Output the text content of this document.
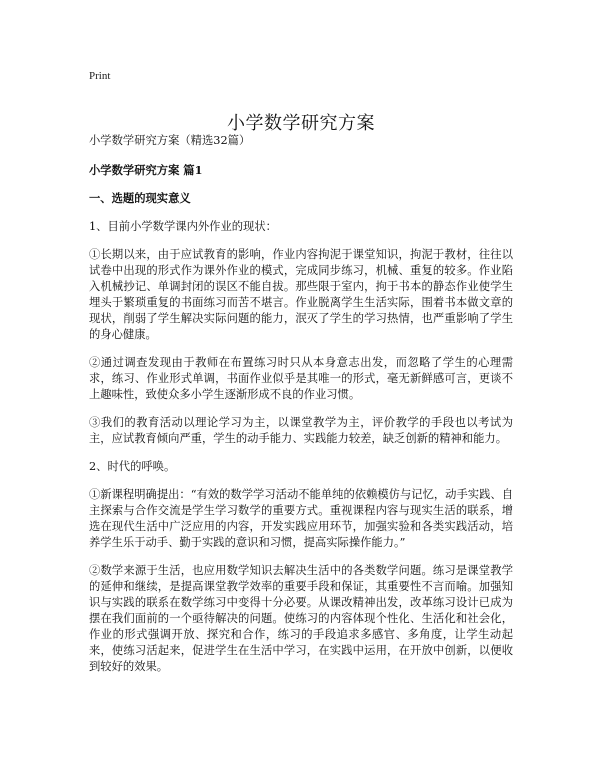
Print
小学数学研究方案

小学数学研究方案（精选32篇）

小学数学研究方案 篇1

一、选题的现实意义

1、目前小学数学课内外作业的现状：

①长期以来，由于应试教育的影响，作业内容拘泥于课堂知识，拘泥于教材，往往以试卷中出现的形式作为课外作业的模式，完成同步练习，机械、重复的较多。作业陷入机械抄记、单调封闭的误区不能自拔。那些限于室内，拘于书本的静态作业使学生埋头于繁琐重复的书面练习而苦不堪言。作业脱离学生生活实际，围着书本做文章的现状，削弱了学生解决实际问题的能力，泯灭了学生的学习热情，也严重影响了学生的身心健康。

②通过调查发现由于教师在布置练习时只从本身意志出发，而忽略了学生的心理需求，练习、作业形式单调，书面作业似乎是其唯一的形式，毫无新鲜感可言，更谈不上趣味性，致使众多小学生逐渐形成不良的作业习惯。

③我们的教育活动以理论学习为主，以课堂教学为主，评价教学的手段也以考试为主，应试教育倾向严重，学生的动手能力、实践能力较差，缺乏创新的精神和能力。

2、时代的呼唤。

①新课程明确提出：“有效的数学学习活动不能单纯的依赖模仿与记忆，动手实践、自主探索与合作交流是学生学习数学的重要方式。重视课程内容与现实生活的联系，增选在现代生活中广泛应用的内容，开发实践应用环节，加强实验和各类实践活动，培养学生乐于动手、勤于实践的意识和习惯，提高实际操作能力。”

②数学来源于生活，也应用数学知识去解决生活中的各类数学问题。练习是课堂教学的延伸和继续，是提高课堂教学效率的重要手段和保证，其重要性不言而喻。加强知识与实践的联系在数学练习中变得十分必要。从课改精神出发，改革练习设计已成为摆在我们面前的一个亟待解决的问题。使练习的内容体现个性化、生活化和社会化，作业的形式强调开放、探究和合作，练习的手段追求多感官、多角度，让学生动起来，使练习活起来，促进学生在生活中学习，在实践中运用，在开放中创新，以便收到较好的效果。
